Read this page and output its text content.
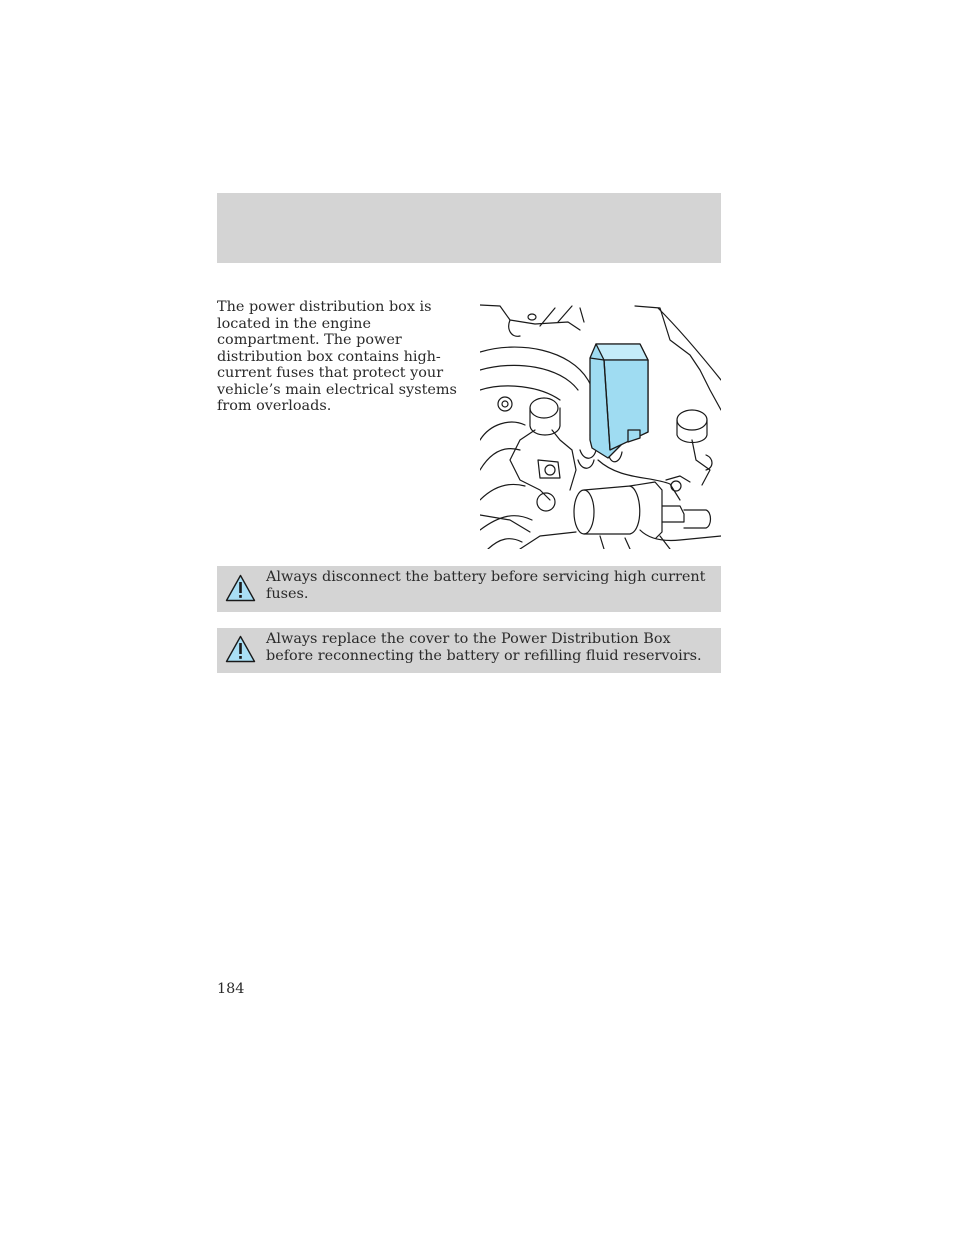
The power distribution box is located in the engine compartment. The power distribution box contains high-current fuses that protect your vehicle’s main electrical systems from overloads.

Always disconnect the battery before servicing high current fuses.
Always replace the cover to the Power Distribution Box before reconnecting the battery or refilling fluid reservoirs.
184
